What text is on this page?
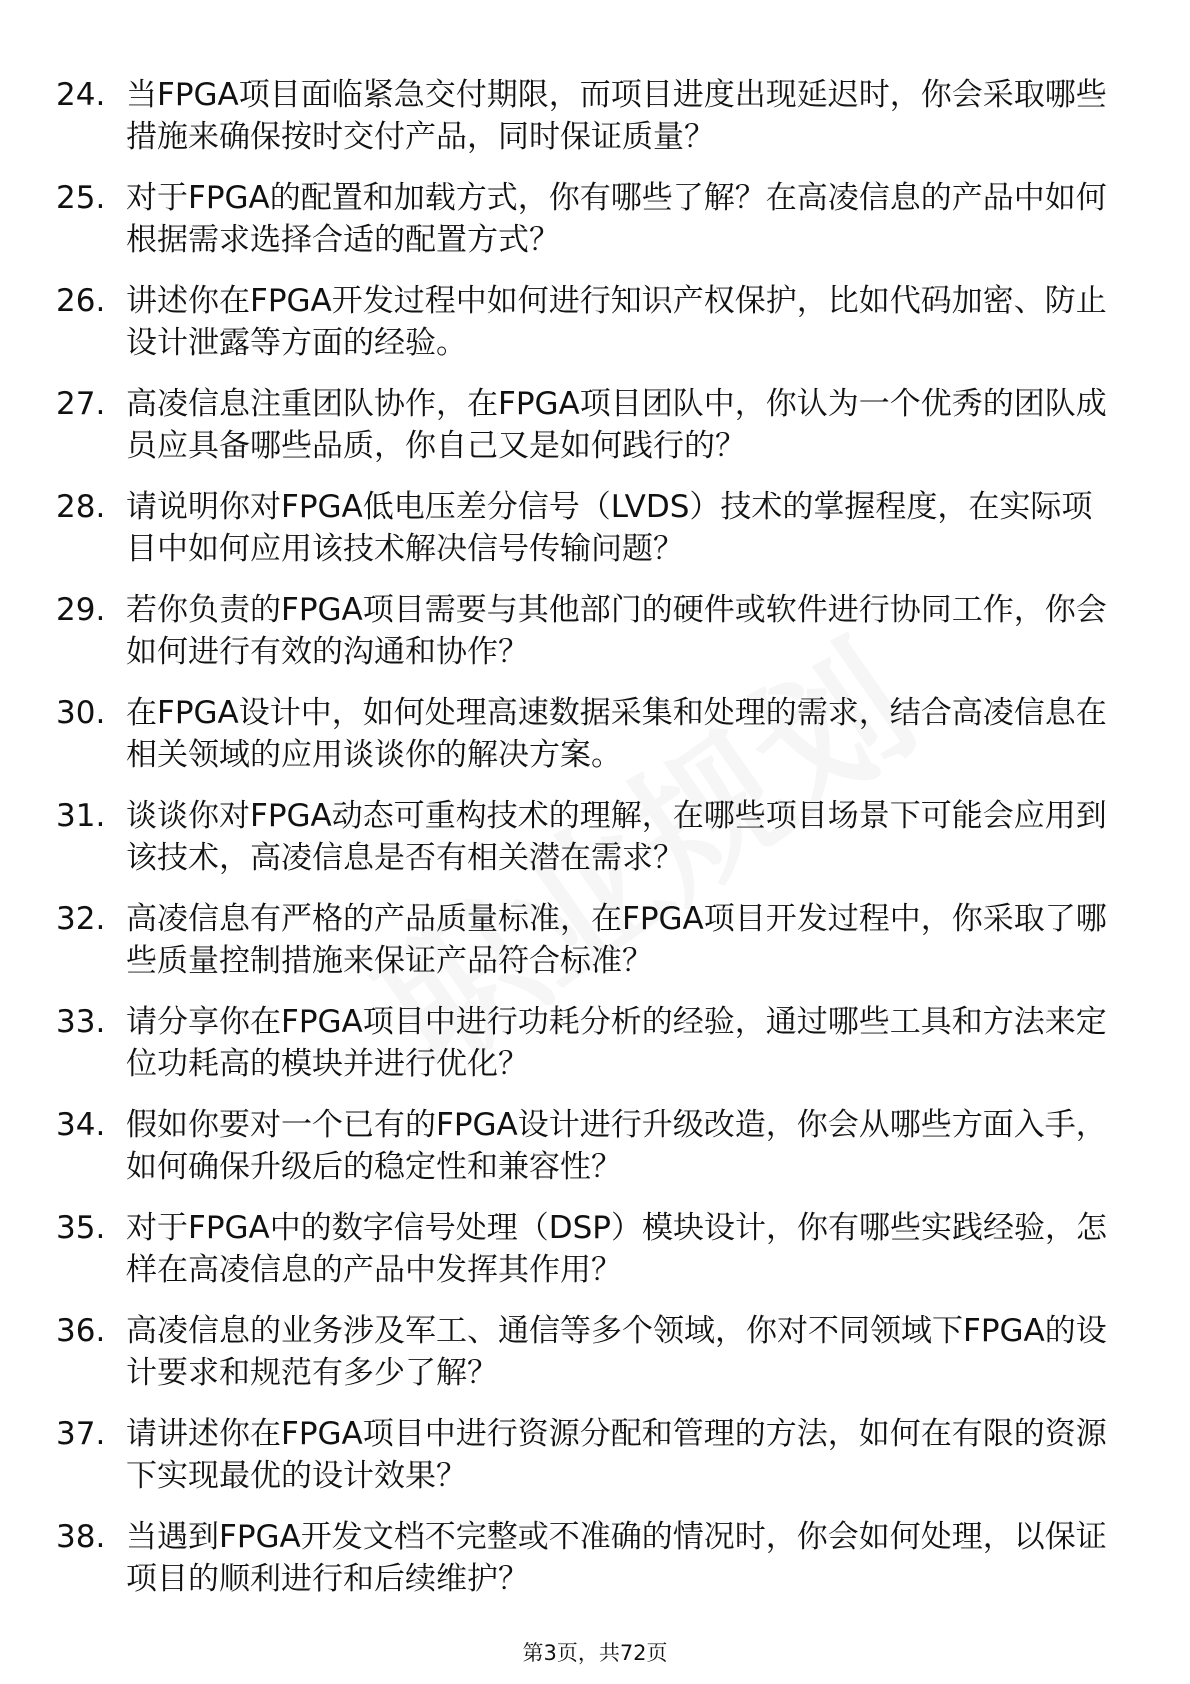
24. 当FPGA项目面临紧急交付期限，而项目进度出现延迟时，你会采取哪些措施来确保按时交付产品，同时保证质量？
25. 对于FPGA的配置和加载方式，你有哪些了解？在高凌信息的产品中如何根据需求选择合适的配置方式？
26. 讲述你在FPGA开发过程中如何进行知识产权保护，比如代码加密、防止设计泄露等方面的经验。
27. 高凌信息注重团队协作，在FPGA项目团队中，你认为一个优秀的团队成员应具备哪些品质，你自己又是如何践行的？
28. 请说明你对FPGA低电压差分信号（LVDS）技术的掌握程度，在实际项目中如何应用该技术解决信号传输问题？
29. 若你负责的FPGA项目需要与其他部门的硬件或软件进行协同工作，你会如何进行有效的沟通和协作？
30. 在FPGA设计中，如何处理高速数据采集和处理的需求，结合高凌信息在相关领域的应用谈谈你的解决方案。
31. 谈谈你对FPGA动态可重构技术的理解，在哪些项目场景下可能会应用到该技术，高凌信息是否有相关潜在需求？
32. 高凌信息有严格的产品质量标准，在FPGA项目开发过程中，你采取了哪些质量控制措施来保证产品符合标准？
33. 请分享你在FPGA项目中进行功耗分析的经验，通过哪些工具和方法来定位功耗高的模块并进行优化？
34. 假如你要对一个已有的FPGA设计进行升级改造，你会从哪些方面入手，如何确保升级后的稳定性和兼容性？
35. 对于FPGA中的数字信号处理（DSP）模块设计，你有哪些实践经验，怎样在高凌信息的产品中发挥其作用？
36. 高凌信息的业务涉及军工、通信等多个领域，你对不同领域下FPGA的设计要求和规范有多少了解？
37. 请讲述你在FPGA项目中进行资源分配和管理的方法，如何在有限的资源下实现最优的设计效果？
38. 当遇到FPGA开发文档不完整或不准确的情况时，你会如何处理，以保证项目的顺利进行和后续维护？
第3页，共72页
